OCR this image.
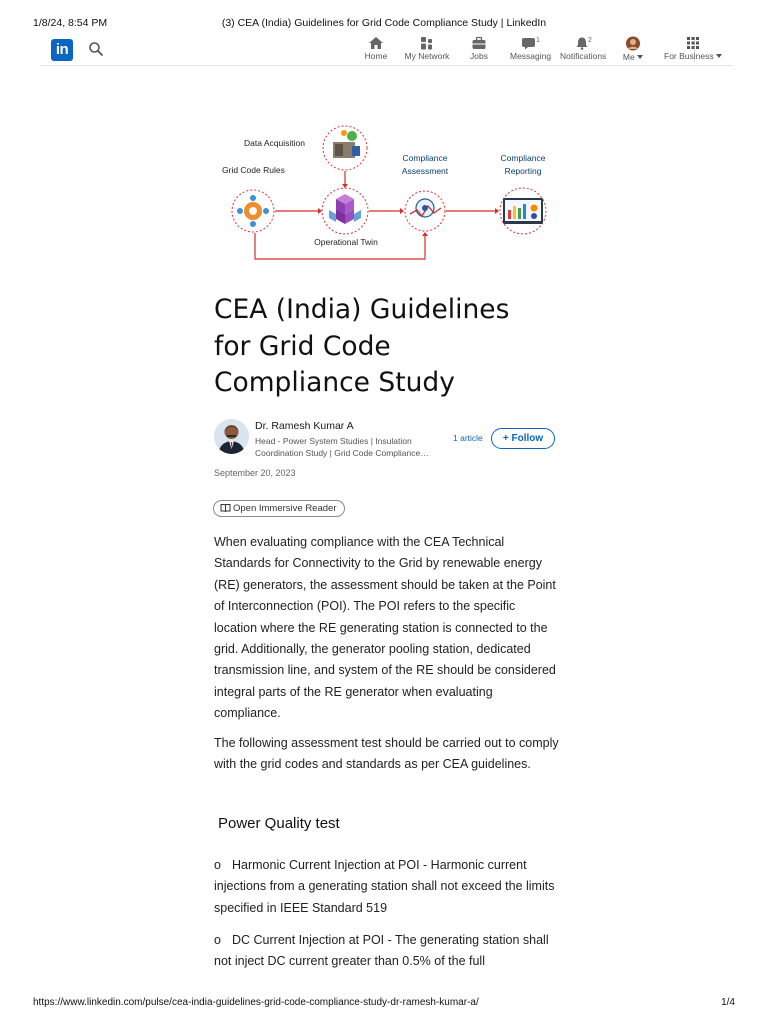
1/8/24, 8:54 PM	(3) CEA (India) Guidelines for Grid Code Compliance Study | LinkedIn
in	Home	My Network	Jobs
1
Messaging
2
Notifications	Me	For Business
Data Acquisition
Grid Code Rules
Compliance
Assessment
Compliance
Reporting
Operational Twin
CEA (India) Guidelines for Grid Code Compliance Study
Dr. Ramesh Kumar A
Head - Power System Studies | Insulation Coordination Study | Grid Code Compliance…
1 article	+ Follow
September 20, 2023
Open Immersive Reader

When evaluating compliance with the CEA Technical Standards for Connectivity to the Grid by renewable energy (RE) generators, the assessment should be taken at the Point of Interconnection (POI). The POI refers to the specific location where the RE generating station is connected to the grid. Additionally, the generator pooling station, dedicated transmission line, and system of the RE should be considered integral parts of the RE generator when evaluating compliance.

The following assessment test should be carried out to comply with the grid codes and standards as per CEA guidelines.

Power Quality test
o Harmonic Current Injection at POI - Harmonic current injections from a generating station shall not exceed the limits specified in IEEE Standard 519
o DC Current Injection at POI - The generating station shall not inject DC current greater than 0.5% of the full
https://www.linkedin.com/pulse/cea-india-guidelines-grid-code-compliance-study-dr-ramesh-kumar-a/	1/4
